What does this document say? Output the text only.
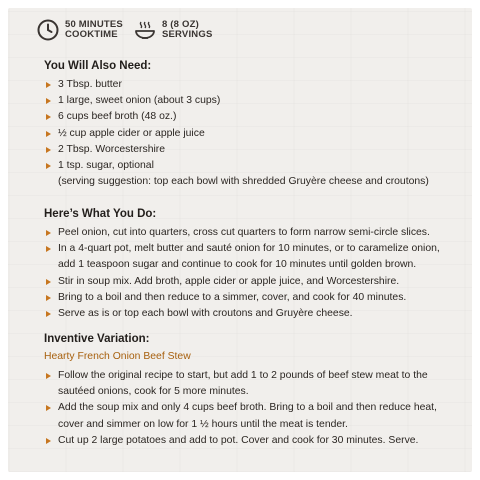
50 MINUTES
COOKTIME
8 (8 OZ)
SERVINGS
You Will Also Need:
3 Tbsp. butter
1 large, sweet onion (about 3 cups)
6 cups beef broth (48 oz.)
½ cup apple cider or apple juice
2 Tbsp. Worcestershire
1 tsp. sugar, optional
(serving suggestion: top each bowl with shredded Gruyère cheese and croutons)
Here’s What You Do:
Peel onion, cut into quarters, cross cut quarters to form narrow semi-circle slices.
In a 4-quart pot, melt butter and sauté onion for 10 minutes, or to caramelize onion,
add 1 teaspoon sugar and continue to cook for 10 minutes until golden brown.
Stir in soup mix. Add broth, apple cider or apple juice, and Worcestershire.
Bring to a boil and then reduce to a simmer, cover, and cook for 40 minutes.
Serve as is or top each bowl with croutons and Gruyère cheese.
Inventive Variation:
Hearty French Onion Beef Stew
Follow the original recipe to start, but add 1 to 2 pounds of beef stew meat to the
sautéed onions, cook for 5 more minutes.
Add the soup mix and only 4 cups beef broth. Bring to a boil and then reduce heat,
cover and simmer on low for 1 ½ hours until the meat is tender.
Cut up 2 large potatoes and add to pot. Cover and cook for 30 minutes. Serve.
